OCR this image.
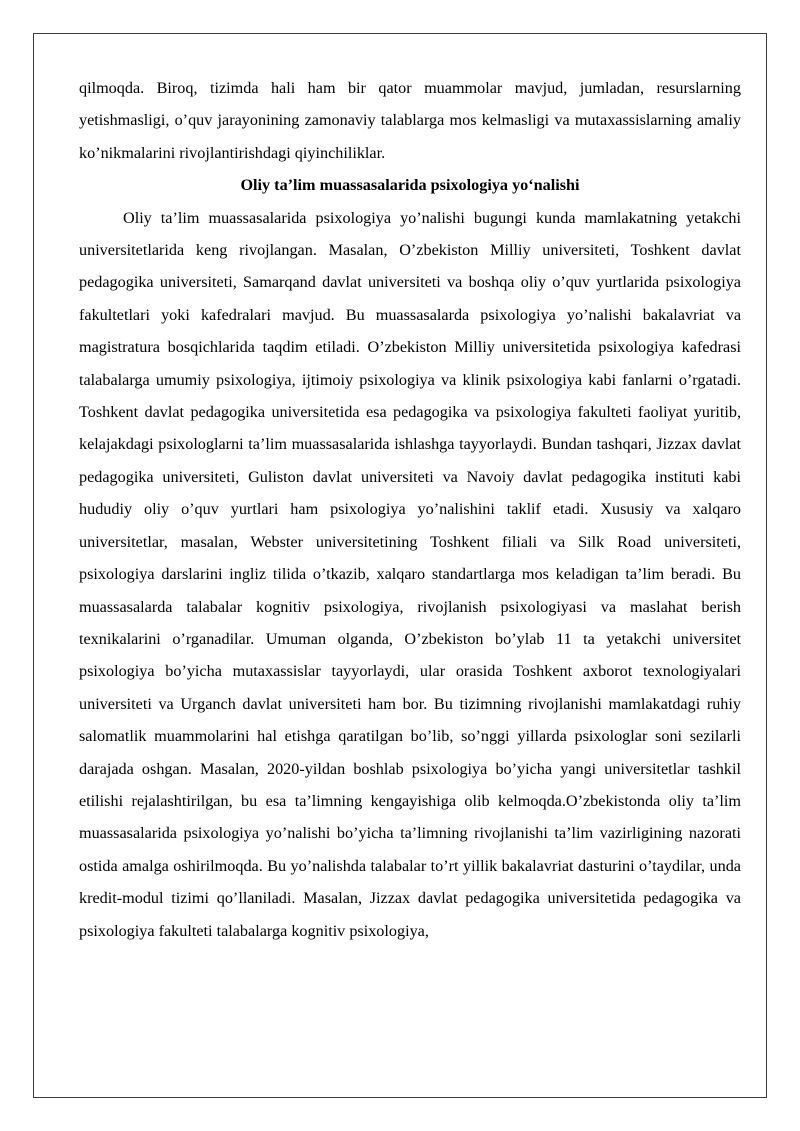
qilmoqda. Biroq, tizimda hali ham bir qator muammolar mavjud, jumladan, resurslarning yetishmasligi, o’quv jarayonining zamonaviy talablarga mos kelmasligi va mutaxassislarning amaliy ko’nikmalarini rivojlantirishdagi qiyinchiliklar.

Oliy ta’lim muassasalarida psixologiya yo‘nalishi

Oliy ta’lim muassasalarida psixologiya yo’nalishi bugungi kunda mamlakatning yetakchi universitetlarida keng rivojlangan. Masalan, O’zbekiston Milliy universiteti, Toshkent davlat pedagogika universiteti, Samarqand davlat universiteti va boshqa oliy o’quv yurtlarida psixologiya fakultetlari yoki kafedralari mavjud. Bu muassasalarda psixologiya yo’nalishi bakalavriat va magistratura bosqichlarida taqdim etiladi. O’zbekiston Milliy universitetida psixologiya kafedrasi talabalarga umumiy psixologiya, ijtimoiy psixologiya va klinik psixologiya kabi fanlarni o’rgatadi. Toshkent davlat pedagogika universitetida esa pedagogika va psixologiya fakulteti faoliyat yuritib, kelajakdagi psixologlarni ta’lim muassasalarida ishlashga tayyorlaydi. Bundan tashqari, Jizzax davlat pedagogika universiteti, Guliston davlat universiteti va Navoiy davlat pedagogika instituti kabi hududiy oliy o’quv yurtlari ham psixologiya yo’nalishini taklif etadi. Xususiy va xalqaro universitetlar, masalan, Webster universitetining Toshkent filiali va Silk Road universiteti, psixologiya darslarini ingliz tilida o’tkazib, xalqaro standartlarga mos keladigan ta’lim beradi. Bu muassasalarda talabalar kognitiv psixologiya, rivojlanish psixologiyasi va maslahat berish texnikalarini o’rganadilar. Umuman olganda, O’zbekiston bo’ylab 11 ta yetakchi universitet psixologiya bo’yicha mutaxassislar tayyorlaydi, ular orasida Toshkent axborot texnologiyalari universiteti va Urganch davlat universiteti ham bor. Bu tizimning rivojlanishi mamlakatdagi ruhiy salomatlik muammolarini hal etishga qaratilgan bo’lib, so’nggi yillarda psixologlar soni sezilarli darajada oshgan. Masalan, 2020-yildan boshlab psixologiya bo’yicha yangi universitetlar tashkil etilishi rejalashtirilgan, bu esa ta’limning kengayishiga olib kelmoqda.O’zbekistonda oliy ta’lim muassasalarida psixologiya yo’nalishi bo’yicha ta’limning rivojlanishi ta’lim vazirligining nazorati ostida amalga oshirilmoqda. Bu yo’nalishda talabalar to’rt yillik bakalavriat dasturini o’taydilar, unda kredit-modul tizimi qo’llaniladi. Masalan, Jizzax davlat pedagogika universitetida pedagogika va psixologiya fakulteti talabalarga kognitiv psixologiya,
